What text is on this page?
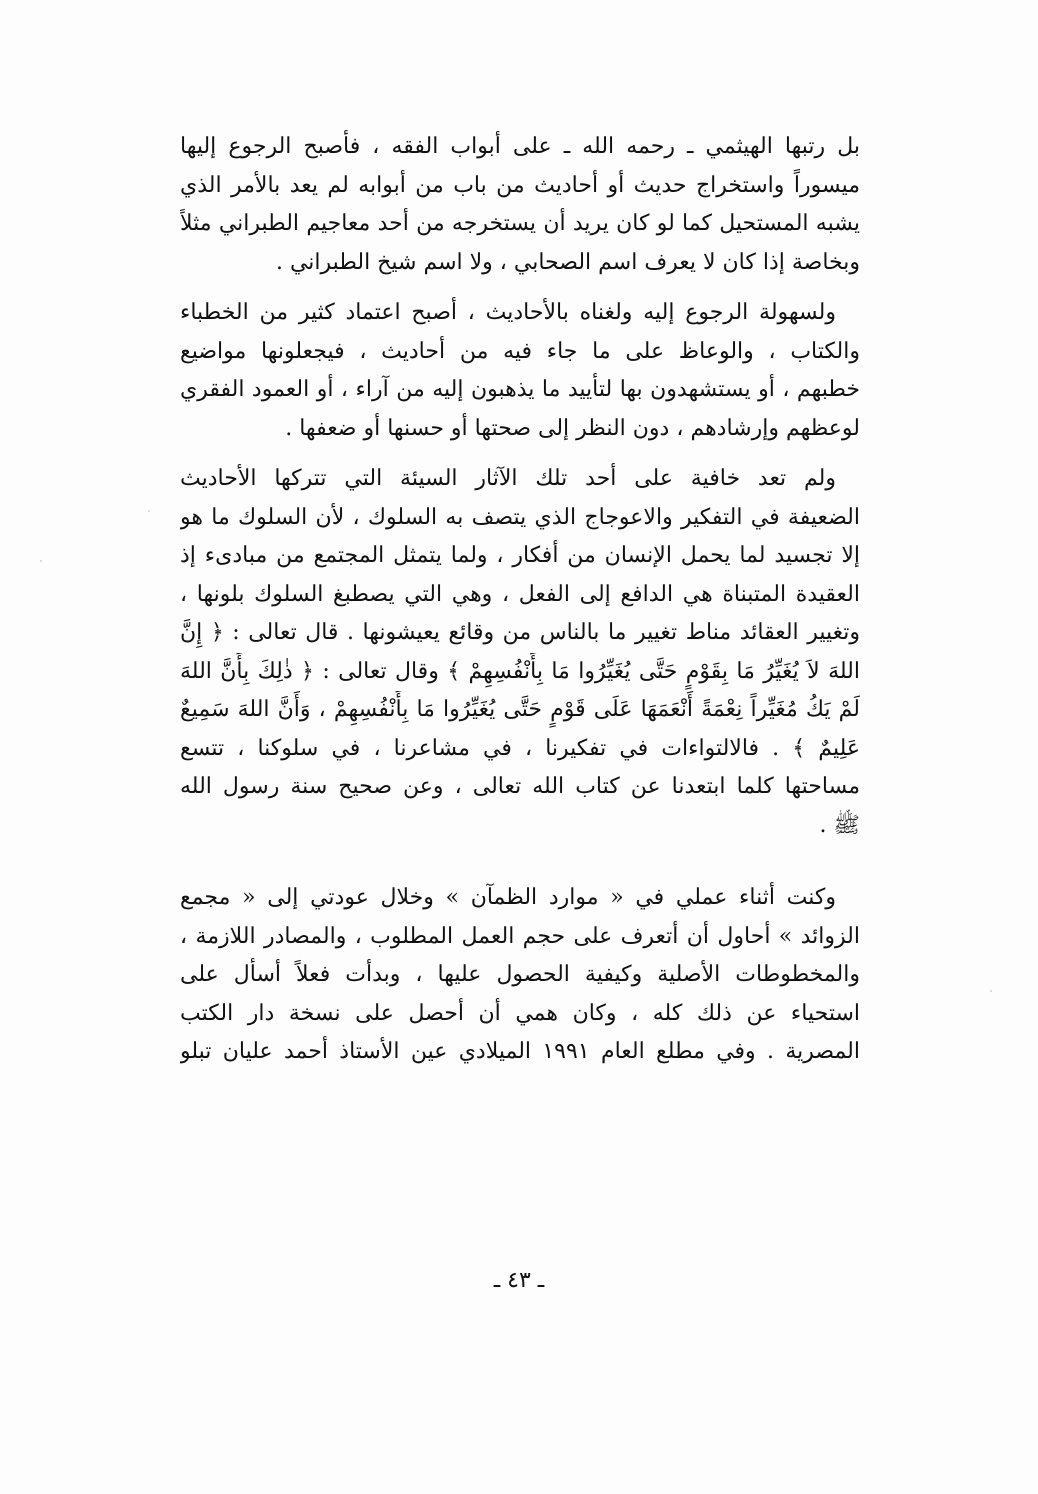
بل رتبها الهيثمي ـ رحمه الله ـ على أبواب الفقه ، فأصبح الرجوع إليها
ميسوراً واستخراج حديث أو أحاديث من باب من أبوابه لم يعد بالأمر الذي
يشبه المستحيل كما لو كان يريد أن يستخرجه من أحد معاجيم الطبراني مثلاً
وبخاصة إذا كان لا يعرف اسم الصحابي ، ولا اسم شيخ الطبراني .
ولسهولة الرجوع إليه ولغناه بالأحاديث ، أصبح اعتماد كثير من الخطباء
والكتاب ، والوعاظ على ما جاء فيه من أحاديث ، فيجعلونها مواضيع
خطبهم ، أو يستشهدون بها لتأييد ما يذهبون إليه من آراء ، أو العمود الفقري
لوعظهم وإرشادهم ، دون النظر إلى صحتها أو حسنها أو ضعفها .
ولم تعد خافية على أحد تلك الآثار السيئة التي تتركها الأحاديث
الضعيفة في التفكير والاعوجاج الذي يتصف به السلوك ، لأن السلوك ما هو
إلا تجسيد لما يحمل الإنسان من أفكار ، ولما يتمثل المجتمع من مبادىء إذ
العقيدة المتبناة هي الدافع إلى الفعل ، وهي التي يصطبغ السلوك بلونها ،
وتغيير العقائد مناط تغيير ما بالناس من وقائع يعيشونها . قال تعالى : ﴿ إِنَّ
اللهَ لاَ يُغَيِّرُ مَا بِقَوْمٍ حَتَّى يُغَيِّرُوا مَا بِأَنْفُسِهِمْ ﴾ وقال تعالى : ﴿ ذٰلِكَ بِأَنَّ اللهَ
لَمْ يَكُ مُغَيِّراً نِعْمَةً أَنْعَمَهَا عَلَى قَوْمٍ حَتَّى يُغَيِّرُوا مَا بِأَنْفُسِهِمْ ، وَأَنَّ اللهَ سَمِيعٌ
عَلِيمٌ ﴾ . فالالتواءات في تفكيرنا ، في مشاعرنا ، في سلوكنا ، تتسع
مساحتها كلما ابتعدنا عن كتاب الله تعالى ، وعن صحيح سنة رسول الله
ﷺ .
وكنت أثناء عملي في « موارد الظمآن » وخلال عودتي إلى « مجمع
الزوائد » أحاول أن أتعرف على حجم العمل المطلوب ، والمصادر اللازمة ،
والمخطوطات الأصلية وكيفية الحصول عليها ، وبدأت فعلاً أسأل على
استحياء عن ذلك كله ، وكان همي أن أحصل على نسخة دار الكتب
المصرية . وفي مطلع العام ١٩٩١ الميلادي عين الأستاذ أحمد عليان تبلو
ـ ٤٣ ـ
